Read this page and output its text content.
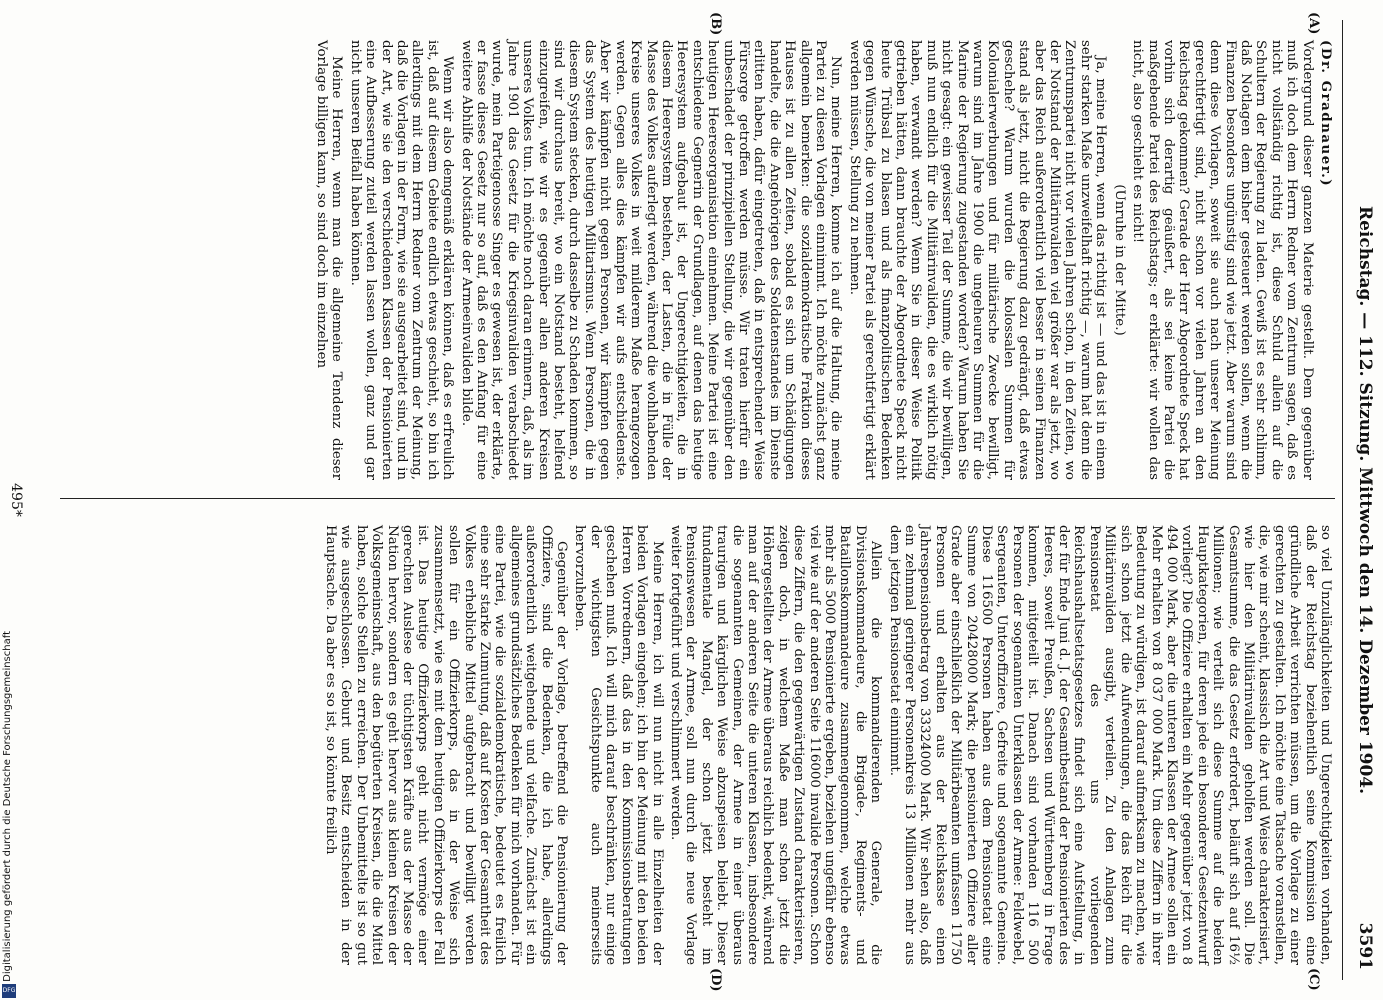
Reichstag. — 112. Sitzung. Mittwoch den 14. Dezember 1904.
3591
(A)
(B)
(C)
(D)

(Dr. Gradnauer.)

Vordergrund dieser ganzen Materie gestellt. Dem gegenüber muß ich doch dem Herrn Redner vom Zentrum sagen, daß es nicht vollständig richtig ist, diese Schuld allein auf die Schultern der Regierung zu laden. Gewiß ist es sehr schlimm, daß Notlagen dem bisher gesteuert werden sollen, wenn die Finanzen besonders ungünstig sind wie jetzt. Aber warum sind denn diese Vorlagen, soweit sie auch nach unserer Meinung gerechtfertigt sind, nicht schon vor vielen Jahren an den Reichstag gekommen? Gerade der Herr Abgeordnete Speck hat vorhin sich derartig geäußert, als sei keine Partei die maßgebende Partei des Reichstags; er erklärte: wir wollen das nicht, also geschieht es nicht!

(Unruhe in der Mitte.)

Ja, meine Herren, wenn das richtig ist — und das ist in einem sehr starken Maße unzweifelhaft richtig —, warum hat denn die Zentrumspartei nicht vor vielen Jahren schon, in den Zeiten, wo der Notstand der Militärinvaliden viel größer war als jetzt, wo aber das Reich außerordentlich viel besser in seinen Finanzen stand als jetzt, nicht die Regierung dazu gedrängt, daß etwas geschehe? Warum wurden die kolossalen Summen für Kolonialerwerbungen und für militärische Zwecke bewilligt, warum sind im Jahre 1900 die ungeheuren Summen für die Marine der Regierung zugestanden worden? Warum haben Sie nicht gesagt: ein gewisser Teil der Summe, die wir bewilligen, muß nun endlich für die Militärinvaliden, die es wirklich nötig haben, verwandt werden? Wenn Sie in dieser Weise Politik getrieben hätten, dann brauchte der Abgeordnete Speck nicht heute Trübsal zu blasen und als finanzpolitischen Bedenken gegen Wünsche, die von meiner Partei als gerechtfertigt erklärt werden müssen, Stellung zu nehmen.

Nun, meine Herren, komme ich auf die Haltung, die meine Partei zu diesen Vorlagen einnimmt. Ich möchte zunächst ganz allgemein bemerken: die sozialdemokratische Fraktion dieses Hauses ist zu allen Zeiten, sobald es sich um Schädigungen handelte, die die Angehörigen des Soldatenstandes im Dienste erlitten haben, dafür eingetreten, daß in entsprechender Weise Fürsorge getroffen werden müsse. Wir traten hierfür ein unbeschadet der prinzipiellen Stellung, die wir gegenüber den heutigen Heeresorganisation einnehmen. Meine Partei ist eine entschiedene Gegnerin der Grundlagen, auf denen das heutige Heeresystem aufgebaut ist, der Ungerechtigkeiten, die in diesem Heeresystem bestehen, der Lasten, die in Fülle der Masse des Volkes auferlegt werden, während die wohlhabenden Kreise unseres Volkes in weit milderem Maße herangezogen werden. Gegen alles dies kämpfen wir aufs entschiedenste. Aber wir kämpfen nicht gegen Personen, wir kämpfen gegen das System des heutigen Militarismus. Wenn Personen, die in diesem System stecken, durch dasselbe zu Schaden kommen, so sind wir durchaus bereit, wo ein Notstand besteht, helfend einzugreifen, wie wir es gegenüber allen anderen Kreisen unseres Volkes tun. Ich möchte noch daran erinnern, daß, als im Jahre 1901 das Gesetz für die Kriegsinvaliden verabschiedet wurde, mein Parteigenosse Singer es gewesen ist, der erklärte, er fasse dieses Gesetz nur so auf, daß es den Anfang für eine weitere Abhilfe der Notstände der Armeeinvaliden bilde.

Wenn wir also demgemäß erklären können, daß es erfreulich ist, daß auf diesem Gebiete endlich etwas geschieht, so bin ich allerdings mit dem Herrn Redner vom Zentrum der Meinung, daß die Vorlagen in der Form, wie sie ausgearbeitet sind, und in der Art, wie sie den verschiedenen Klassen der Pensionierten eine Aufbesserung zuteil werden lassen wollen, ganz und gar nicht unseren Beifall haben können.

Meine Herren, wenn man die allgemeine Tendenz dieser Vorlage billigen kann, so sind doch im einzelnen

so viel Unzulänglichkeiten und Ungerechtigkeiten vorhanden, daß der Reichstag beziehentlich seine Kommission eine gründliche Arbeit verrichten müssen, um die Vorlage zu einer gerechten zu gestalten. Ich möchte eine Tatsache voranstellen, die, wie mir scheint, klassisch die Art und Weise charakterisiert, wie hier den Militärinvaliden geholfen werden soll. Die Gesamtsumme, die das Gesetz erfordert, beläuft sich auf 16½ Millionen; wie verteilt sich diese Summe auf die beiden Hauptkategorien, für deren jede ein besonderer Gesetzentwurf vorliegt? Die Offiziere erhalten ein Mehr gegenüber jetzt von 8 494 000 Mark, aber die unteren Klassen der Armee sollen ein Mehr erhalten von 8 037 000 Mark. Um diese Ziffern in ihrer Bedeutung zu würdigen, ist darauf aufmerksam zu machen, wie sich schon jetzt die Aufwendungen, die das Reich für die Militärinvaliden ausgibt, verteilen. Zu den Anlagen zum Pensionsetat des uns vorliegenden Reichshaushaltsetatsgesetzes findet sich eine Aufstellung, in der für Ende Juni d. J. der Gesamtbestand der Pensionierten des Heeres, soweit Preußen, Sachsen und Württemberg in Frage kommen, mitgeteilt ist. Danach sind vorhanden 116 500 Personen der sogenannten Unterklassen der Armee: Feldwebel, Sergeanten, Unteroffiziere, Gefreite und sogenannte Gemeine. Diese 116500 Personen haben aus dem Pensionsetat eine Summe von 20428000 Mark; die pensionierten Offiziere aller Grade aber einschließlich der Militärbeamten umfassen 11750 Personen und erhalten aus der Reichskasse einen Jahrespensionsbetrag von 33324000 Mark. Wir sehen also, daß ein zehnmal geringerer Personenkreis 13 Millionen mehr aus dem jetzigen Pensionsetat einnimmt.

Allein die kommandierenden Generale, die Divisionskommandeure, die Brigade-, Regiments- und Bataillonskommandeure zusammengenommen, welche etwas mehr als 5000 Pensionierte ergeben, beziehen ungefähr ebenso viel wie auf der anderen Seite 116000 invalide Personen. Schon diese Ziffern, die den gegenwärtigen Zustand charakterisieren, zeigen doch, in welchem Maße man schon jetzt die Höhergestellten der Armee überaus reichlich bedenkt, während man auf der anderen Seite die unteren Klassen, insbesondere die sogenannten Gemeinen, der Armee in einer überaus traurigen und kärglichen Weise abzuspeisen beliebt. Dieser fundamentale Mangel, der schon jetzt besteht im Pensionswesen der Armee, soll nun durch die neue Vorlage weiter fortgeführt und verschlimmert werden.

Meine Herren, ich will nun nicht in alle Einzelheiten der beiden Vorlagen eingehen; ich bin der Meinung mit den beiden Herren Vorrednern, daß das in den Kommissionsberatungen geschehen muß. Ich will mich darauf beschränken, nur einige der wichtigsten Gesichtspunkte auch meinerseits hervorzuheben.

Gegenüber der Vorlage, betreffend die Pensionierung der Offiziere, sind die Bedenken, die ich habe, allerdings außerordentlich weitgehende und vielfache. Zunächst ist ein allgemeines grundsätzliches Bedenken für mich vorhanden. Für eine Partei, wie die sozialdemokratische, bedeutet es freilich eine sehr starke Zumutung, daß auf Kosten der Gesamtheit des Volkes erhebliche Mittel aufgebracht und bewilligt werden sollen für ein Offizierkorps, das in der Weise sich zusammensetzt, wie es mit dem heutigen Offizierkorps der Fall ist. Das heutige Offizierkorps geht nicht vermöge einer gerechten Auslese der tüchtigsten Kräfte aus der Masse der Nation hervor, sondern es geht hervor aus kleinen Kreisen der Volksgemeinschaft, aus den begüterten Kreisen, die die Mittel haben, solche Stellen zu erreichen. Der Unbemittelte ist so gut wie ausgeschlossen. Geburt und Besitz entscheiden in der Hauptsache. Da aber es so ist, so könnte freilich

495*
Digitalisierung gefördert durch die Deutsche Forschungsgemeinschaft
DFG
